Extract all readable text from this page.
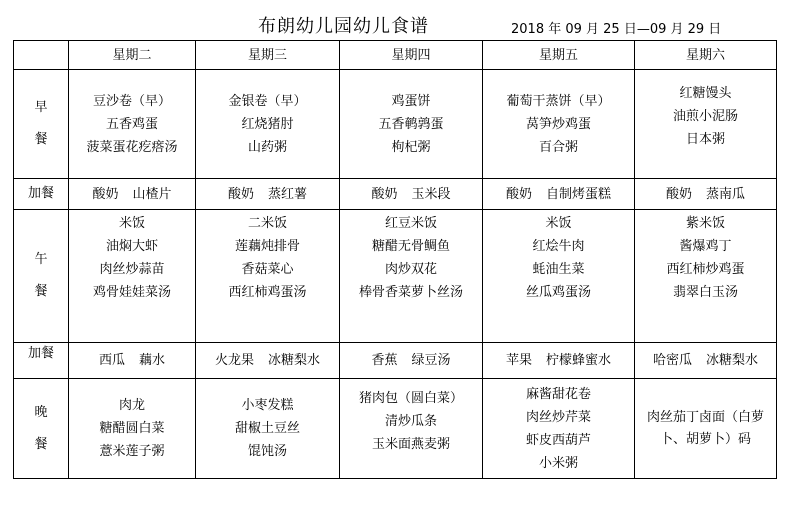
布朗幼儿园幼儿食谱	2018 年 09 月 25 日—09 月 29 日
	星期二	星期三	星期四	星期五	星期六

早餐	豆沙卷（早）
五香鸡蛋
菠菜蛋花疙瘩汤	金银卷（早）
红烧猪肘
山药粥	鸡蛋饼
五香鹌鹑蛋
枸杞粥	葡萄干蒸饼（早）
莴笋炒鸡蛋
百合粥	红糖馒头
油煎小泥肠
日本粥

加餐	酸奶 山楂片	酸奶 蒸红薯	酸奶 玉米段	酸奶 自制烤蛋糕	酸奶 蒸南瓜

午餐	米饭
油焖大虾
肉丝炒蒜苗
鸡骨娃娃菜汤	二米饭
莲藕炖排骨
香菇菜心
西红柿鸡蛋汤	红豆米饭
糖醋无骨鲷鱼
肉炒双花
棒骨香菜萝卜丝汤	米饭
红烩牛肉
蚝油生菜
丝瓜鸡蛋汤	紫米饭
酱爆鸡丁
西红柿炒鸡蛋
翡翠白玉汤

加餐	西瓜 藕水	火龙果 冰糖梨水	香蕉 绿豆汤	苹果 柠檬蜂蜜水	哈密瓜 冰糖梨水

晚餐	肉龙
糖醋圆白菜
薏米莲子粥	小枣发糕
甜椒土豆丝
馄饨汤	猪肉包（圆白菜）
清炒瓜条
玉米面燕麦粥	麻酱甜花卷
肉丝炒芹菜
虾皮西葫芦
小米粥	肉丝茄丁卤面（白萝卜、胡萝卜）码
